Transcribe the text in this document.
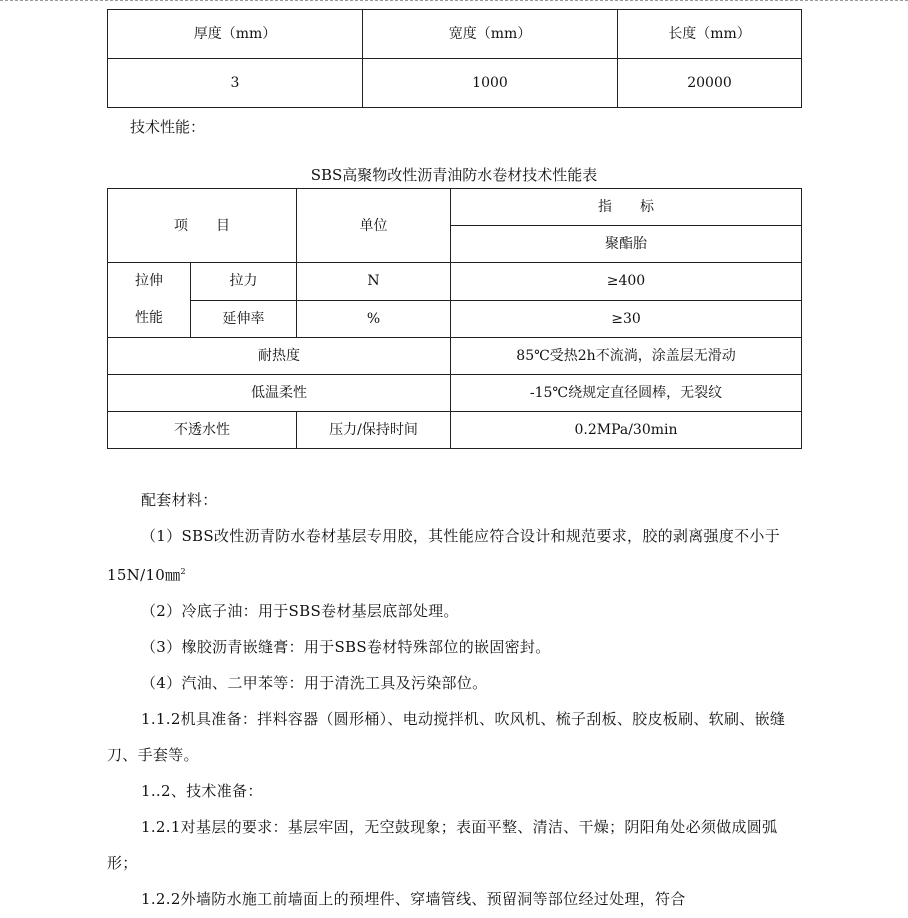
厚度（mm）	宽度（mm）	长度（mm）
3	1000	20000
技术性能：
SBS高聚物改性沥青油防水卷材技术性能表
项　　目		单位	指　　标
			聚酯胎
拉伸
性能	拉力	N	≥400
	延伸率	%	≥30
耐热度			85℃受热2h不流淌，涂盖层无滑动
低温柔性			-15℃绕规定直径圆棒，无裂纹
不透水性		压力/保持时间	0.2MPa/30min

配套材料：

（1）SBS改性沥青防水卷材基层专用胶，其性能应符合设计和规范要求，胶的剥离强度不小于15N/10㎜$^2$

（2）冷底子油：用于SBS卷材基层底部处理。

（3）橡胶沥青嵌缝膏：用于SBS卷材特殊部位的嵌固密封。

（4）汽油、二甲苯等：用于清洗工具及污染部位。

1.1.2机具准备：拌料容器（圆形桶）、电动搅拌机、吹风机、梳子刮板、胶皮板刷、软刷、嵌缝刀、手套等。

1..2、技术准备：

1.2.1对基层的要求：基层牢固，无空鼓现象；表面平整、清洁、干燥；阴阳角处必须做成圆弧形；

1.2.2外墙防水施工前墙面上的预埋件、穿墙管线、预留洞等部位经过处理，符合
